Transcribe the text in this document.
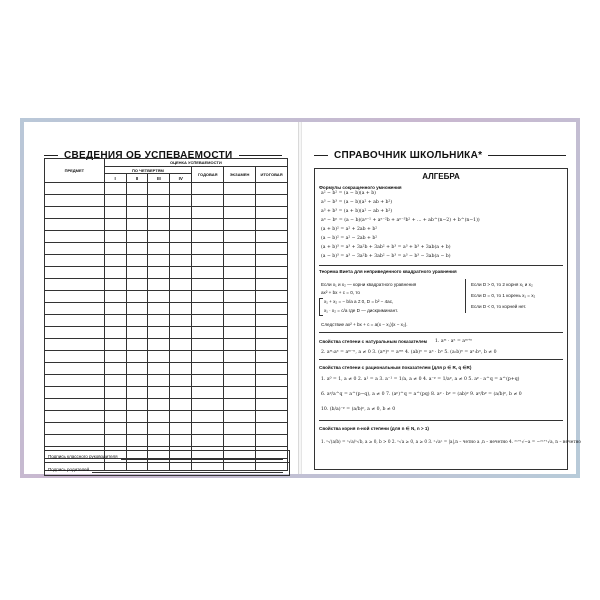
СВЕДЕНИЯ ОБ УСПЕВАЕМОСТИ
ПРЕДМЕТ	ОЦЕНКА УСПЕВАЕМОСТИ						
	ПО ЧЕТВЕРТЯМ				ГОДОВАЯ	ЭКЗАМЕН	ИТОГОВАЯ
	I	II	III	IV			

Подпись классного руководителя
Подпись родителей
СПРАВОЧНИК ШКОЛЬНИКА*
АЛГЕБРА
Формулы сокращенного умножения
a² − b² = (a − b)(a + b)
a³ − b³ = (a − b)(a² + ab + b²)
a³ + b³ = (a + b)(a² − ab + b²)
aⁿ − bⁿ = (a − b)(aⁿ⁻¹ + aⁿ⁻²b + aⁿ⁻³b² + ... + ab^(n−2) + b^(n−1))
(a + b)² = a² + 2ab + b²
(a − b)² = a² − 2ab + b²
(a + b)³ = a³ + 3a²b + 3ab² + b³ = a³ + b³ + 3ab(a + b)
(a − b)³ = a³ − 3a²b + 3ab² − b³ = a³ − b³ − 3ab(a − b)
Теорема Виета для неприведенного квадратного уравнения
Если x₁ и x₂ — корни квадратного уравнения
ax² + bx + c = 0, то
x₁ + x₂ = − b/a a ≠ 0, D = b² − 4ac,
x₁ · x₂ = c/a где D — дискриминант.
Если D > 0, то 2 корня x₁ и x₂
Если D = 0, то 1 корень x₁ = x₂
Если D < 0, то корней нет.
Следствие ax² + bx + c = a(x − x₁)(x − x₂).
Свойства степени с натуральным показателем 1. aᵐ · aⁿ = aᵐ⁺ⁿ
2. aᵐ:aⁿ = aᵐ⁻ⁿ, a ≠ 0 3. (aᵐ)ⁿ = aᵐⁿ 4. (ab)ⁿ = aⁿ · bⁿ 5. (a:b)ⁿ = aⁿ:bⁿ, b ≠ 0
Свойства степени с рациональным показателем (для p ∈ R, q ∈R)
1. a⁰ = 1, a ≠ 0 2. a¹ = a 3. a⁻¹ = 1/a, a ≠ 0 4. a⁻ᵖ = 1/aᵖ, a ≠ 0 5. aᵖ · a^q = a^(p+q)
6. aᵖ/a^q = a^(p−q), a ≠ 0 7. (aᵖ)^q = a^(pq) 8. aᵖ · bᵖ = (ab)ᵖ 9. aᵖ/bᵖ = (a/b)ᵖ, b ≠ 0
10. (b/a)⁻ᵖ = (a/b)ᵖ, a ≠ 0, b ≠ 0
Свойства корня n-ной степени (для n ∈ N, n > 1)
1. ⁿ√(a/b) = ⁿ√a/ⁿ√b, a ≥ 0, b > 0 2. ⁿ√a ≥ 0, a ≥ 0 3. ⁿ√aⁿ = |a|,n – четно a ,n – нечетно 4. ²ⁿ⁺¹√−a = −²ⁿ⁺¹√a, n – нечетно
